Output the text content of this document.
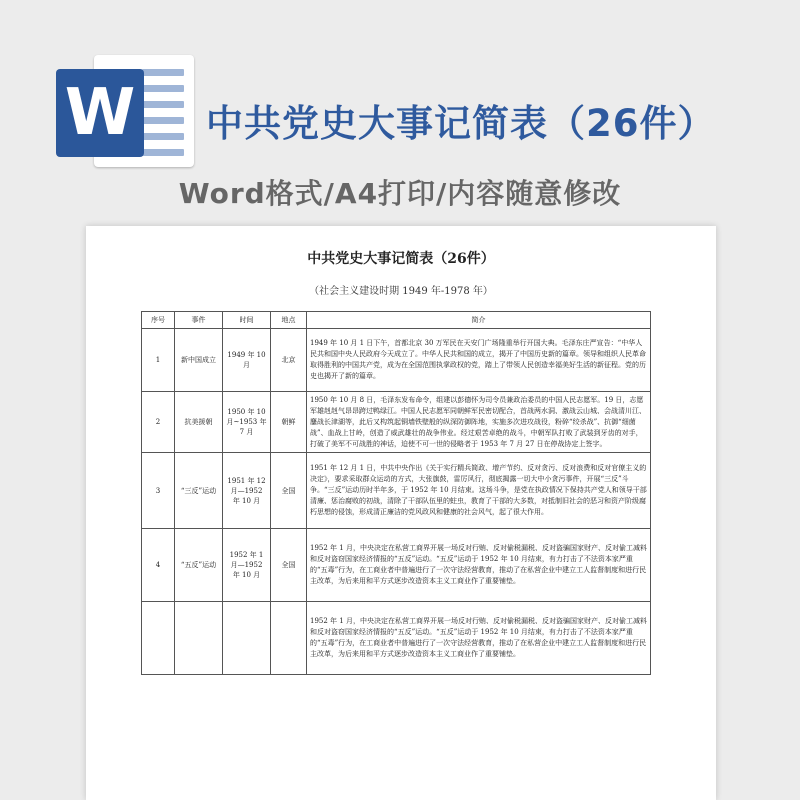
W 中共党史大事记简表（26件）
Word格式/A4打印/内容随意修改
中共党史大事记简表（26件）
（社会主义建设时期 1949 年-1978 年）
序号	事件	时间	地点	简介
1	新中国成立	1949 年 10 月	北京	1949 年 10 月 1 日下午，首都北京 30 万军民在天安门广场隆重举行开国大典。毛泽东庄严宣告：“中华人民共和国中央人民政府今天成立了。中华人民共和国的成立，揭开了中国历史新的篇章。领导和组织人民革命取得胜利的中国共产党，成为在全国范围执掌政权的党，踏上了带领人民创造幸福美好生活的新征程。党的历史也揭开了新的篇章。
2	抗美援朝	1950 年 10 月~1953 年 7 月	朝鲜	1950 年 10 月 8 日，毛泽东发布命令，组建以彭德怀为司令员兼政治委员的中国人民志愿军。19 日，志愿军雄赳赳气昂昂跨过鸭绿江。中国人民志愿军同朝鲜军民密切配合，首战两水洞、激战云山城、会战清川江、鏖战长津湖等，此后又构筑起铜墙铁壁般的纵深防御阵地，实施多次进攻战役，粉碎“绞杀战”、抗御“细菌战”、血战上甘岭，创造了威武雄壮的战争伟业。经过艰苦卓绝的战斗，中朝军队打败了武装到牙齿的对手，打破了美军不可战胜的神话，迫使不可一世的侵略者于 1953 年 7 月 27 日在停战协定上签字。
3	“三反”运动	1951 年 12 月—1952 年 10 月	全国	1951 年 12 月 1 日，中共中央作出《关于实行精兵简政、增产节约、反对贪污、反对浪费和反对官僚主义的决定》，要求采取群众运动的方式，大张旗鼓，雷厉风行，彻底揭露一切大中小贪污事件，开展“三反”斗争。“三反”运动历时半年多，于 1952 年 10 月结束。这场斗争，是党在执政情况下保持共产党人和领导干部清廉、惩治腐败的初战，清除了干部队伍里的蛀虫，教育了干部的大多数，对抵制旧社会的恶习和资产阶级腐朽思想的侵蚀，形成清正廉洁的党风政风和健康的社会风气，起了很大作用。
4	“五反”运动	1952 年 1 月—1952 年 10 月	全国	1952 年 1 月，中央决定在私营工商界开展一场反对行贿、反对偷税漏税、反对盗骗国家财产、反对偷工减料和反对盗窃国家经济情报的“五反”运动。“五反”运动于 1952 年 10 月结束，有力打击了不法资本家严重的“五毒”行为，在工商业者中普遍进行了一次守法经营教育，推动了在私营企业中建立工人监督制度和进行民主改革，为后来用和平方式逐步改造资本主义工商业作了重要铺垫。
				1952 年 1 月，中央决定在私营工商界开展一场反对行贿、反对偷税漏税、反对盗骗国家财产、反对偷工减料和反对盗窃国家经济情报的“五反”运动。“五反”运动于 1952 年 10 月结束，有力打击了不法资本家严重的“五毒”行为，在工商业者中普遍进行了一次守法经营教育，推动了在私营企业中建立工人监督制度和进行民主改革，为后来用和平方式逐步改造资本主义工商业作了重要铺垫。
